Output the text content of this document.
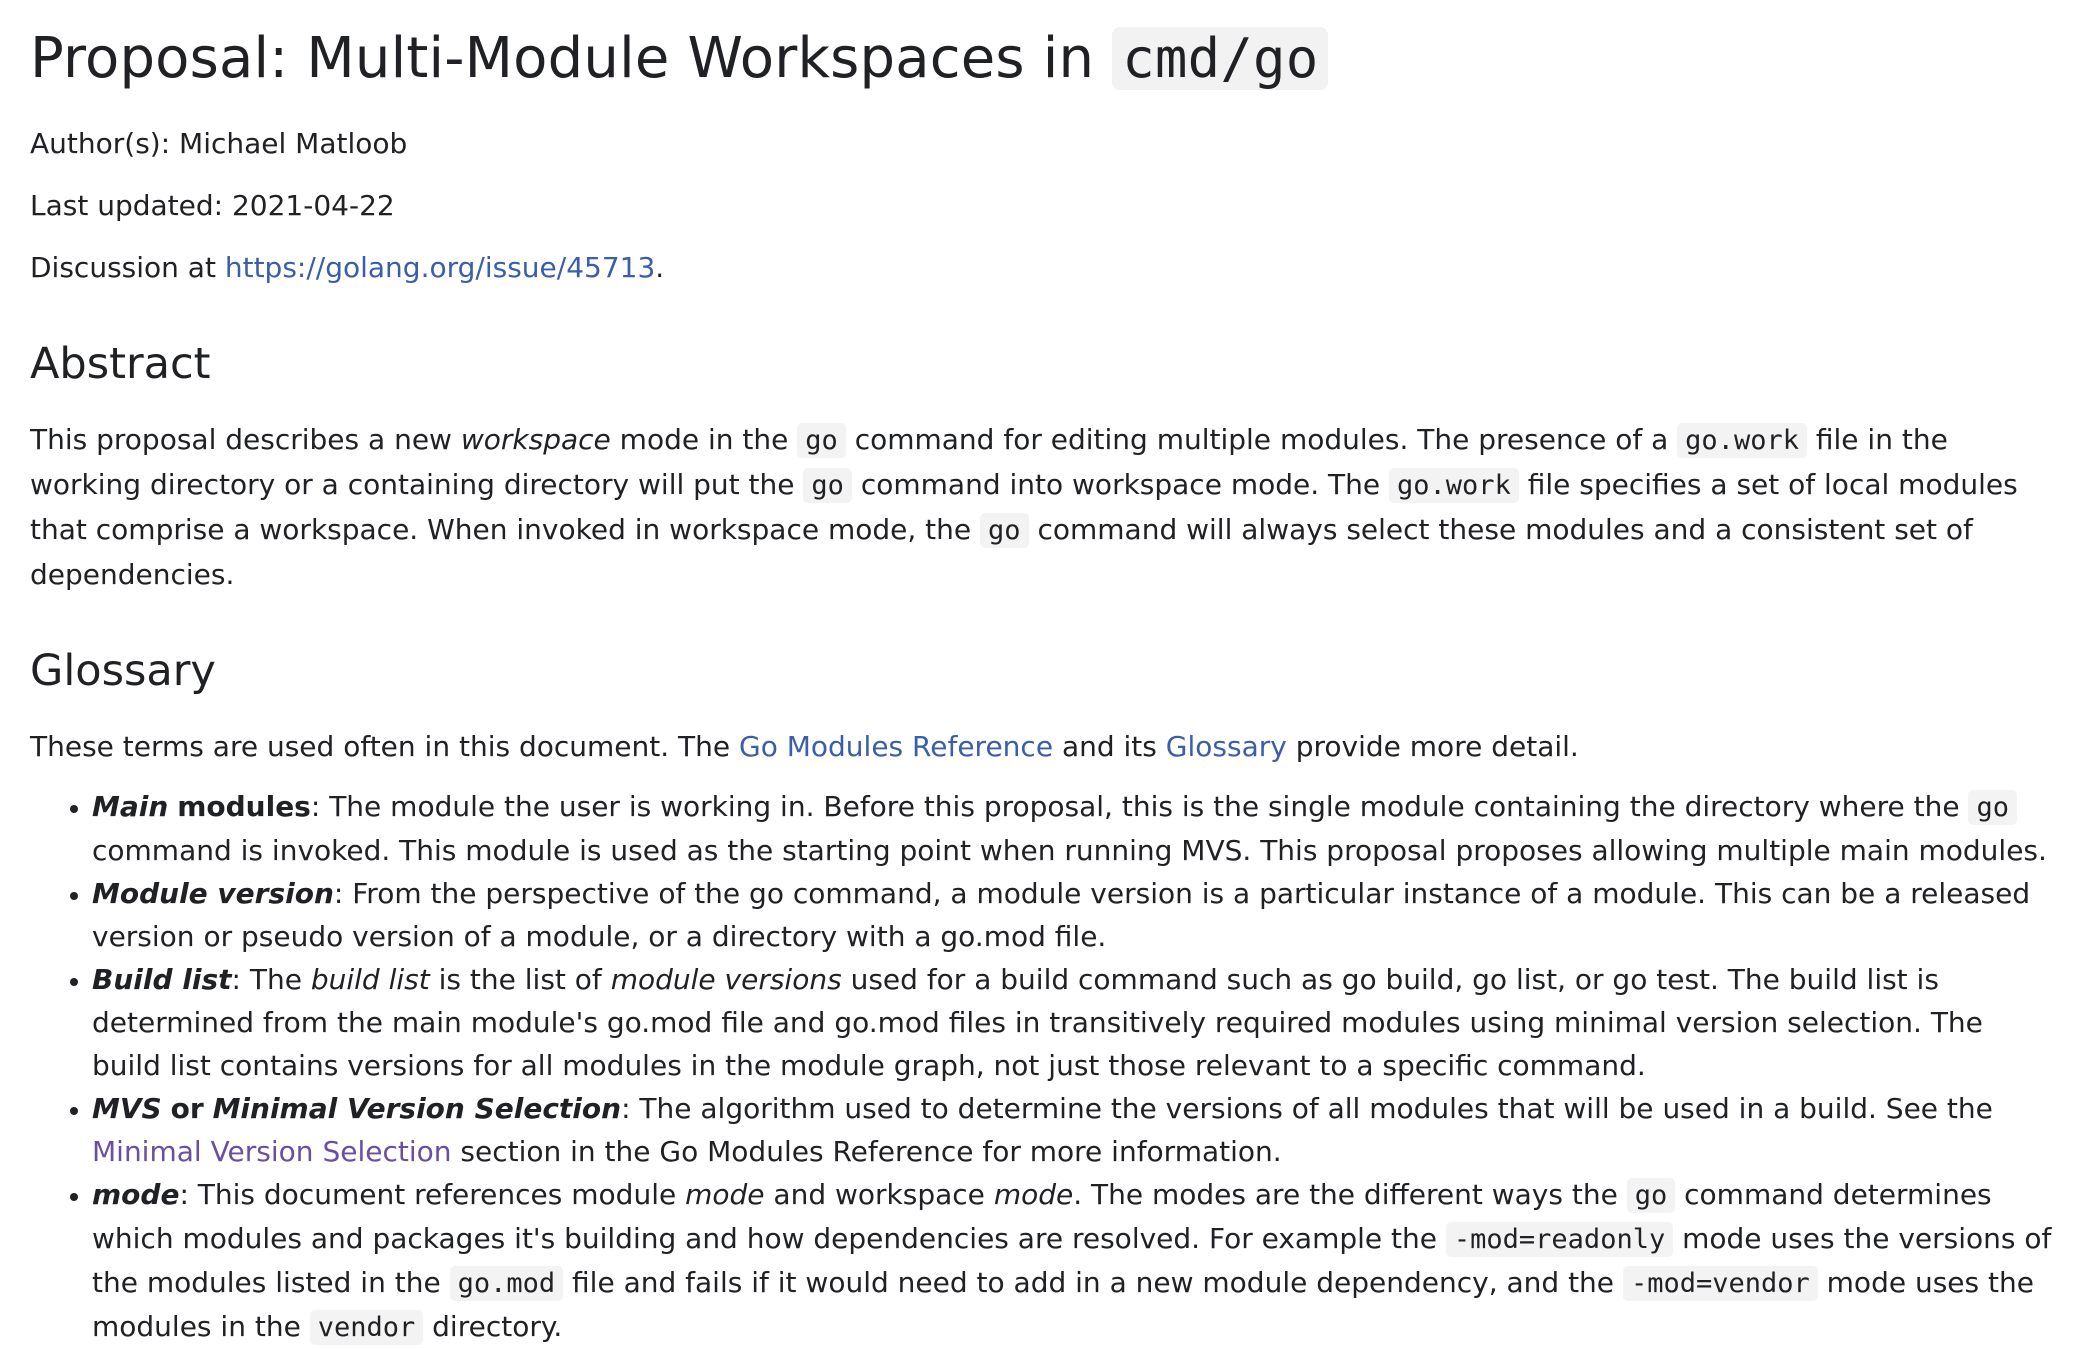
Proposal: Multi-Module Workspaces in cmd/go

Author(s): Michael Matloob

Last updated: 2021-04-22

Discussion at https://golang.org/issue/45713.

Abstract

This proposal describes a new workspace mode in the go command for editing multiple modules. The presence of a go.work file in the working directory or a containing directory will put the go command into workspace mode. The go.work file specifies a set of local modules that comprise a workspace. When invoked in workspace mode, the go command will always select these modules and a consistent set of dependencies.

Glossary

These terms are used often in this document. The Go Modules Reference and its Glossary provide more detail.

• Main modules: The module the user is working in. Before this proposal, this is the single module containing the directory where the go command is invoked. This module is used as the starting point when running MVS. This proposal proposes allowing multiple main modules.
• Module version: From the perspective of the go command, a module version is a particular instance of a module. This can be a released version or pseudo version of a module, or a directory with a go.mod file.
• Build list: The build list is the list of module versions used for a build command such as go build, go list, or go test. The build list is determined from the main module's go.mod file and go.mod files in transitively required modules using minimal version selection. The build list contains versions for all modules in the module graph, not just those relevant to a specific command.
• MVS or Minimal Version Selection: The algorithm used to determine the versions of all modules that will be used in a build. See the Minimal Version Selection section in the Go Modules Reference for more information.
• mode: This document references module mode and workspace mode. The modes are the different ways the go command determines which modules and packages it's building and how dependencies are resolved. For example the -mod=readonly mode uses the versions of the modules listed in the go.mod file and fails if it would need to add in a new module dependency, and the -mod=vendor mode uses the modules in the vendor directory.
